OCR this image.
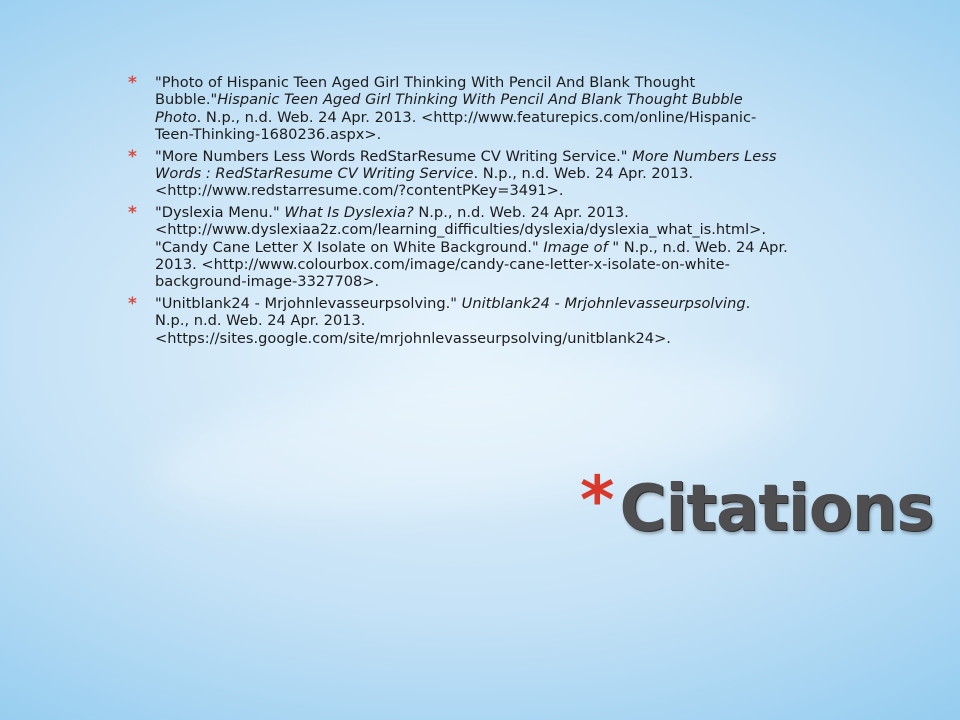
* "Photo of Hispanic Teen Aged Girl Thinking With Pencil And Blank Thought Bubble."Hispanic Teen Aged Girl Thinking With Pencil And Blank Thought Bubble Photo. N.p., n.d. Web. 24 Apr. 2013. <http://www.featurepics.com/online/Hispanic-Teen-Thinking-1680236.aspx>.
* "More Numbers Less Words RedStarResume CV Writing Service." More Numbers Less Words : RedStarResume CV Writing Service. N.p., n.d. Web. 24 Apr. 2013. <http://www.redstarresume.com/?contentPKey=3491>.
* "Dyslexia Menu." What Is Dyslexia? N.p., n.d. Web. 24 Apr. 2013. <http://www.dyslexiaa2z.com/learning_difficulties/dyslexia/dyslexia_what_is.html>. "Candy Cane Letter X Isolate on White Background." Image of " N.p., n.d. Web. 24 Apr. 2013. <http://www.colourbox.com/image/candy-cane-letter-x-isolate-on-white-background-image-3327708>.
* "Unitblank24 - Mrjohnlevasseurpsolving." Unitblank24 - Mrjohnlevasseurpsolving. N.p., n.d. Web. 24 Apr. 2013. <https://sites.google.com/site/mrjohnlevasseurpsolving/unitblank24>.
* Citations
